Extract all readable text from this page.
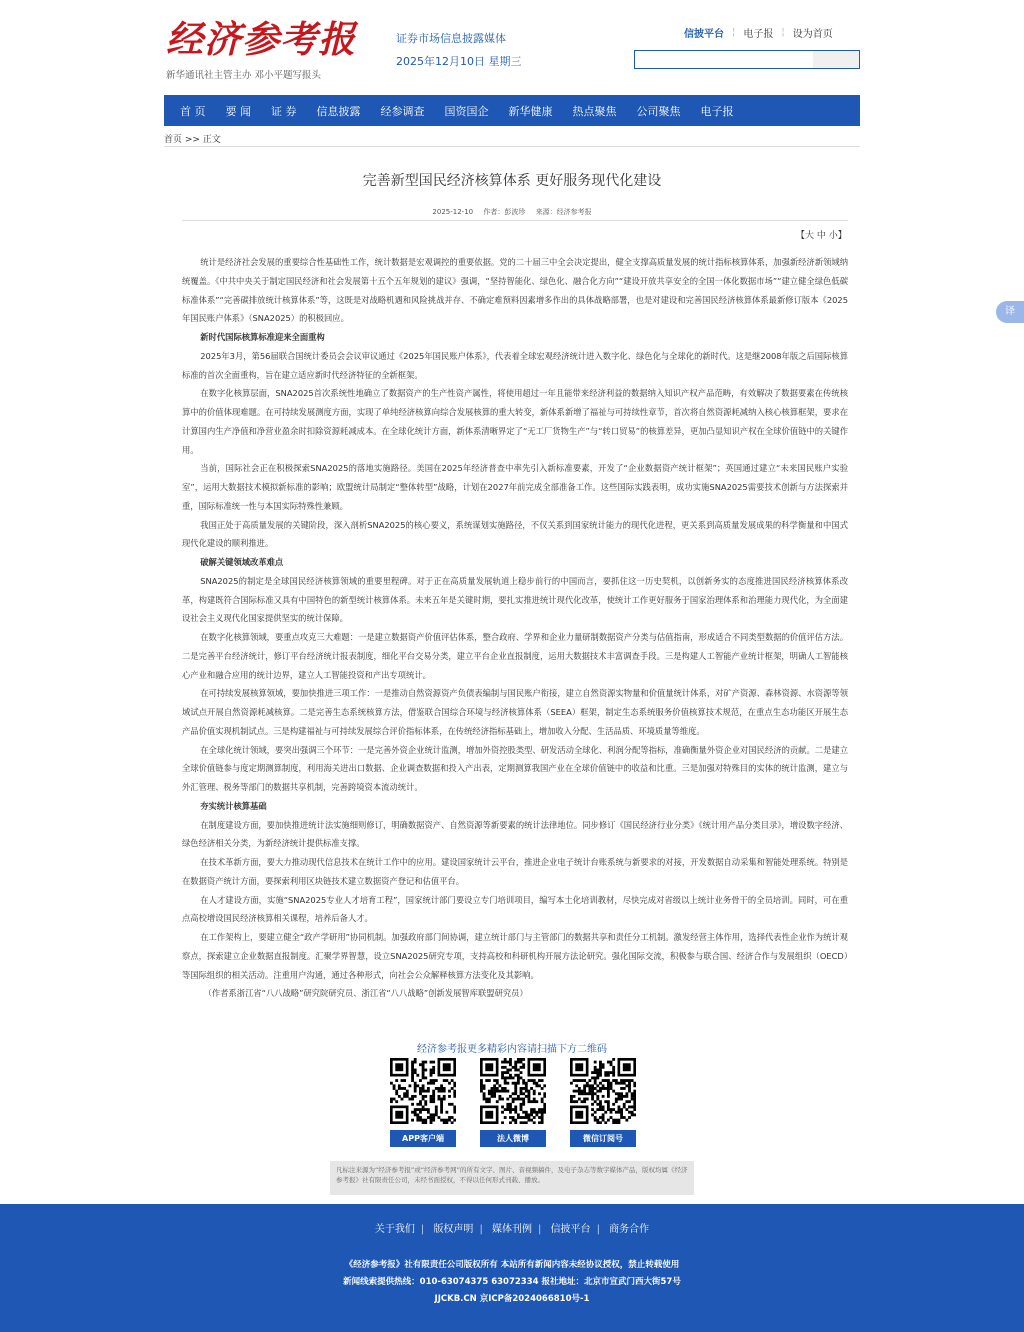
经济参考报
新华通讯社主管主办 邓小平题写报头
证券市场信息披露媒体
2025年12月10日 星期三
信披平台 ¦ 电子报 ¦ 设为首页
首 页 要 闻 证 券 信息披露 经参调查 国资国企 新华健康 热点聚焦 公司聚焦 电子报
首页 >> 正文
完善新型国民经济核算体系 更好服务现代化建设
2025-12-10 作者：彭波珍 来源：经济参考报
【大 中 小】

统计是经济社会发展的重要综合性基础性工作，统计数据是宏观调控的重要依据。党的二十届三中全会决定提出，健全支撑高质量发展的统计指标核算体系，加强新经济新领域纳统覆盖。《中共中央关于制定国民经济和社会发展第十五个五年规划的建议》强调，“坚持智能化、绿色化、融合化方向”“建设开放共享安全的全国一体化数据市场”“建立健全绿色低碳标准体系”“完善碳排放统计核算体系”等，这既是对战略机遇和风险挑战并存、不确定难预料因素增多作出的具体战略部署，也是对建设和完善国民经济核算体系最新修订版本《2025年国民账户体系》（SNA2025）的积极回应。

新时代国际核算标准迎来全面重构

2025年3月，第56届联合国统计委员会会议审议通过《2025年国民账户体系》，代表着全球宏观经济统计进入数字化、绿色化与全球化的新时代。这是继2008年版之后国际核算标准的首次全面重构，旨在建立适应新时代经济特征的全新框架。

在数字化核算层面，SNA2025首次系统性地确立了数据资产的生产性资产属性，将使用超过一年且能带来经济利益的数据纳入知识产权产品范畴，有效解决了数据要素在传统核算中的价值体现难题。在可持续发展测度方面，实现了单纯经济核算向综合发展核算的重大转变，新体系新增了福祉与可持续性章节，首次将自然资源耗减纳入核心核算框架，要求在计算国内生产净值和净营业盈余时扣除资源耗减成本。在全球化统计方面，新体系清晰界定了“无工厂货物生产”与“转口贸易”的核算差异，更加凸显知识产权在全球价值链中的关键作用。

当前，国际社会正在积极探索SNA2025的落地实施路径。美国在2025年经济普查中率先引入新标准要素，开发了“企业数据资产统计框架”；英国通过建立“未来国民账户实验室”，运用大数据技术模拟新标准的影响；欧盟统计局制定“整体转型”战略，计划在2027年前完成全部准备工作。这些国际实践表明，成功实施SNA2025需要技术创新与方法探索并重，国际标准统一性与本国实际特殊性兼顾。

我国正处于高质量发展的关键阶段，深入剖析SNA2025的核心要义，系统谋划实施路径，不仅关系到国家统计能力的现代化进程，更关系到高质量发展成果的科学衡量和中国式现代化建设的顺利推进。

破解关键领域改革难点

SNA2025的制定是全球国民经济核算领域的重要里程碑。对于正在高质量发展轨道上稳步前行的中国而言，要抓住这一历史契机，以创新务实的态度推进国民经济核算体系改革，构建既符合国际标准又具有中国特色的新型统计核算体系。未来五年是关键时期，要扎实推进统计现代化改革，使统计工作更好服务于国家治理体系和治理能力现代化，为全面建设社会主义现代化国家提供坚实的统计保障。

在数字化核算领域，要重点攻克三大难题：一是建立数据资产价值评估体系，整合政府、学界和企业力量研制数据资产分类与估值指南，形成适合不同类型数据的价值评估方法。二是完善平台经济统计，修订平台经济统计报表制度，细化平台交易分类，建立平台企业直报制度，运用大数据技术丰富调查手段。三是构建人工智能产业统计框架，明确人工智能核心产业和融合应用的统计边界，建立人工智能投资和产出专项统计。

在可持续发展核算领域，要加快推进三项工作：一是推动自然资源资产负债表编制与国民账户衔接，建立自然资源实物量和价值量统计体系，对矿产资源、森林资源、水资源等领域试点开展自然资源耗减核算。二是完善生态系统核算方法，借鉴联合国综合环境与经济核算体系（SEEA）框架，制定生态系统服务价值核算技术规范，在重点生态功能区开展生态产品价值实现机制试点。三是构建福祉与可持续发展综合评价指标体系，在传统经济指标基础上，增加收入分配、生活品质、环境质量等维度。

在全球化统计领域，要突出强调三个环节：一是完善外资企业统计监测，增加外资控股类型、研发活动全球化、利润分配等指标，准确衡量外资企业对国民经济的贡献。二是建立全球价值链参与度定期测算制度，利用海关进出口数据、企业调查数据和投入产出表，定期测算我国产业在全球价值链中的收益和比重。三是加强对特殊目的实体的统计监测，建立与外汇管理、税务等部门的数据共享机制，完善跨境资本流动统计。

夯实统计核算基础

在制度建设方面，要加快推进统计法实施细则修订，明确数据资产、自然资源等新要素的统计法律地位。同步修订《国民经济行业分类》《统计用产品分类目录》，增设数字经济、绿色经济相关分类，为新经济统计提供标准支撑。

在技术革新方面，要大力推动现代信息技术在统计工作中的应用。建设国家统计云平台，推进企业电子统计台账系统与新要求的对接，开发数据自动采集和智能处理系统。特别是在数据资产统计方面，要探索利用区块链技术建立数据资产登记和估值平台。

在人才建设方面，实施“SNA2025专业人才培育工程”，国家统计部门要设立专门培训项目，编写本土化培训教材，尽快完成对省级以上统计业务骨干的全员培训。同时，可在重点高校增设国民经济核算相关课程，培养后备人才。

在工作架构上，要建立健全“政产学研用”协同机制。加强政府部门间协调，建立统计部门与主管部门的数据共享和责任分工机制。激发经营主体作用，选择代表性企业作为统计观察点，探索建立企业数据直报制度。汇聚学界智慧，设立SNA2025研究专项，支持高校和科研机构开展方法论研究。强化国际交流，积极参与联合国、经济合作与发展组织（OECD）等国际组织的相关活动。注重用户沟通，通过各种形式，向社会公众解释核算方法变化及其影响。

（作者系浙江省“八八战略”研究院研究员、浙江省“八八战略”创新发展智库联盟研究员）

译
经济参考报更多精彩内容请扫描下方二维码
APP客户端	法人微博	微信订阅号
凡标注来源为“经济参考报”或“经济参考网”的所有文字、图片、音视频稿件，及电子杂志等数字媒体产品，版权均属《经济参考报》社有限责任公司，未经书面授权，不得以任何形式刊载、播放。
关于我们 | 版权声明 | 媒体刊例 | 信披平台 | 商务合作
《经济参考报》社有限责任公司版权所有 本站所有新闻内容未经协议授权，禁止转载使用
新闻线索提供热线：010-63074375 63072334 报社地址：北京市宣武门西大街57号
JJCKB.CN 京ICP备2024066810号-1
